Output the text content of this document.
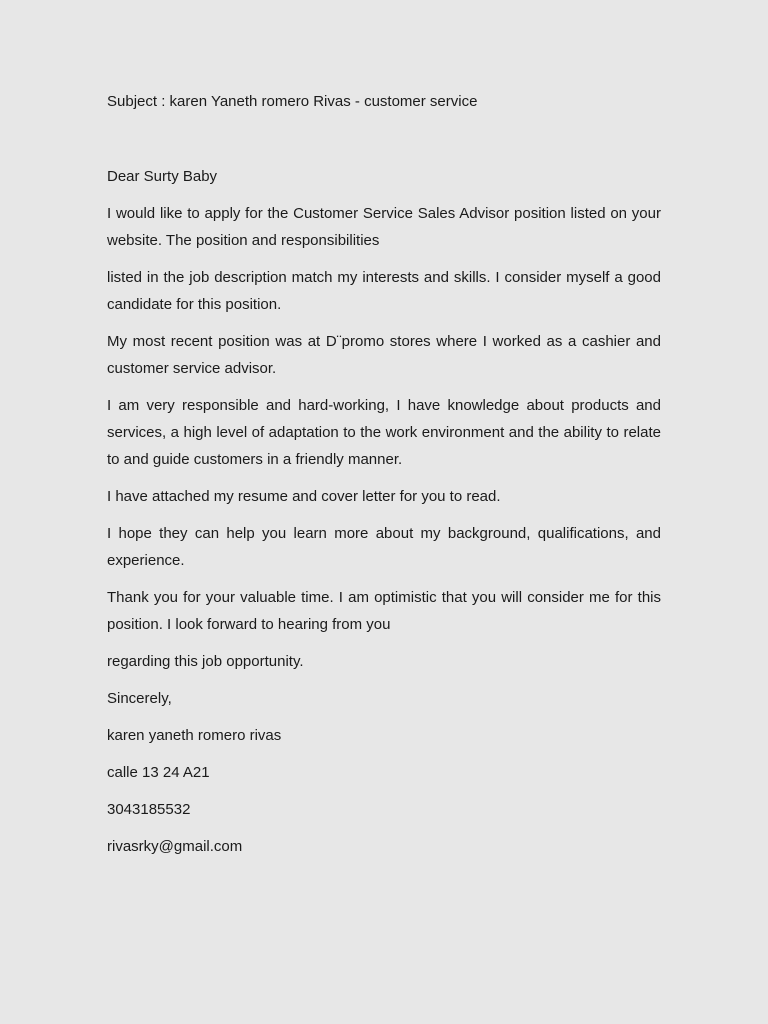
Subject : karen Yaneth romero Rivas - customer service

Dear Surty Baby

I would like to apply for the Customer Service Sales Advisor position listed on your website. The position and responsibilities

listed in the job description match my interests and skills. I consider myself a good candidate for this position.

My most recent position was at D¨promo stores where I worked as a cashier and customer service advisor.

I am very responsible and hard-working, I have knowledge about products and services, a high level of adaptation to the work environment and the ability to relate to and guide customers in a friendly manner.

I have attached my resume and cover letter for you to read.

I hope they can help you learn more about my background, qualifications, and experience.

Thank you for your valuable time. I am optimistic that you will consider me for this position. I look forward to hearing from you

regarding this job opportunity.

Sincerely,

karen yaneth romero rivas

calle 13 24 A21

3043185532

rivasrky@gmail.com
